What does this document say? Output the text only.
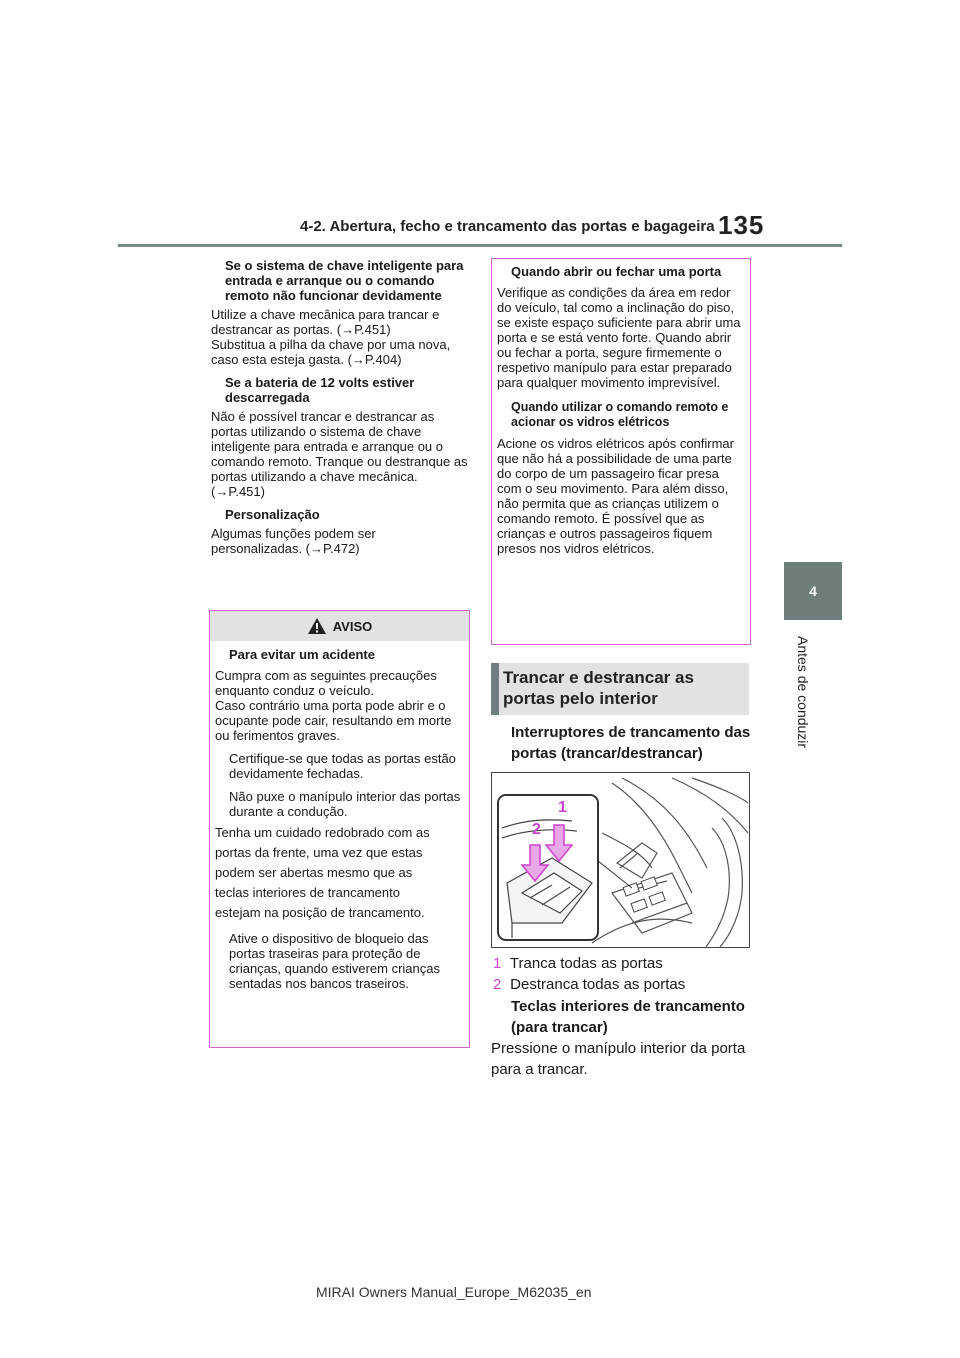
4-2. Abertura, fecho e trancamento das portas e bagageira 135
4
Antes de conduzir
Se o sistema de chave inteligente para entrada e arranque ou o comando remoto não funcionar devidamente
Utilize a chave mecânica para trancar e destrancar as portas. (→P.451)
Substitua a pilha da chave por uma nova, caso esta esteja gasta. (→P.404)
Se a bateria de 12 volts estiver descarregada
Não é possível trancar e destrancar as portas utilizando o sistema de chave inteligente para entrada e arranque ou o comando remoto. Tranque ou destranque as portas utilizando a chave mecânica. (→P.451)
Personalização
Algumas funções podem ser personalizadas. (→P.472)
AVISO
Para evitar um acidente
Cumpra com as seguintes precauções enquanto conduz o veículo.
Caso contrário uma porta pode abrir e o ocupante pode cair, resultando em morte ou ferimentos graves.
Certifique-se que todas as portas estão devidamente fechadas.
Não puxe o manípulo interior das portas durante a condução.
Tenha um cuidado redobrado com as
portas da frente, uma vez que estas
podem ser abertas mesmo que as
teclas interiores de trancamento
estejam na posição de trancamento.
Ative o dispositivo de bloqueio das portas traseiras para proteção de crianças, quando estiverem crianças sentadas nos bancos traseiros.
Quando abrir ou fechar uma porta
Verifique as condições da área em redor do veículo, tal como a inclinação do piso, se existe espaço suficiente para abrir uma porta e se está vento forte. Quando abrir ou fechar a porta, segure firmemente o respetivo manípulo para estar preparado para qualquer movimento imprevisível.
Quando utilizar o comando remoto e acionar os vidros elétricos
Acione os vidros elétricos após confirmar que não há a possibilidade de uma parte do corpo de um passageiro ficar presa com o seu movimento. Para além disso, não permita que as crianças utilizem o comando remoto. É possível que as crianças e outros passageiros fiquem presos nos vidros elétricos.
Trancar e destrancar as portas pelo interior
Interruptores de trancamento das portas (trancar/destrancar)
1
2
1 Tranca todas as portas
2 Destranca todas as portas
Teclas interiores de trancamento (para trancar)
Pressione o manípulo interior da porta para a trancar.
MIRAI Owners Manual_Europe_M62035_en
